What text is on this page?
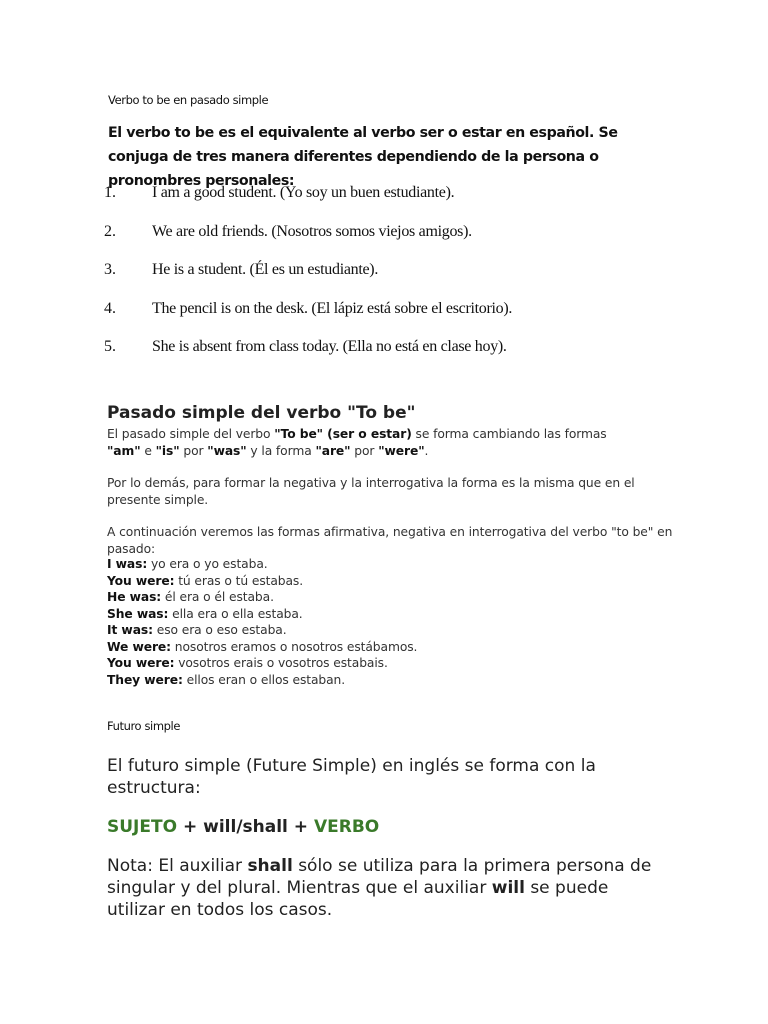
Verbo to be en pasado simple

El verbo to be es el equivalente al verbo ser o estar en español. Se conjuga de tres manera diferentes dependiendo de la persona o pronombres personales:

1. I am a good student. (Yo soy un buen estudiante).
2. We are old friends. (Nosotros somos viejos amigos).
3. He is a student. (Él es un estudiante).
4. The pencil is on the desk. (El lápiz está sobre el escritorio).
5. She is absent from class today. (Ella no está en clase hoy).

Pasado simple del verbo "To be"

El pasado simple del verbo "To be" (ser o estar) se forma cambiando las formas "am" e "is" por "was" y la forma "are" por "were".

Por lo demás, para formar la negativa y la interrogativa la forma es la misma que en el presente simple.

A continuación veremos las formas afirmativa, negativa en interrogativa del verbo "to be" en pasado:

I was: yo era o yo estaba.
You were: tú eras o tú estabas.
He was: él era o él estaba.
She was: ella era o ella estaba.
It was: eso era o eso estaba.
We were: nosotros eramos o nosotros estábamos.
You were: vosotros erais o vosotros estabais.
They were: ellos eran o ellos estaban.

Futuro simple

El futuro simple (Future Simple) en inglés se forma con la estructura:

SUJETO + will/shall + VERBO

Nota: El auxiliar shall sólo se utiliza para la primera persona de singular y del plural. Mientras que el auxiliar will se puede utilizar en todos los casos.
